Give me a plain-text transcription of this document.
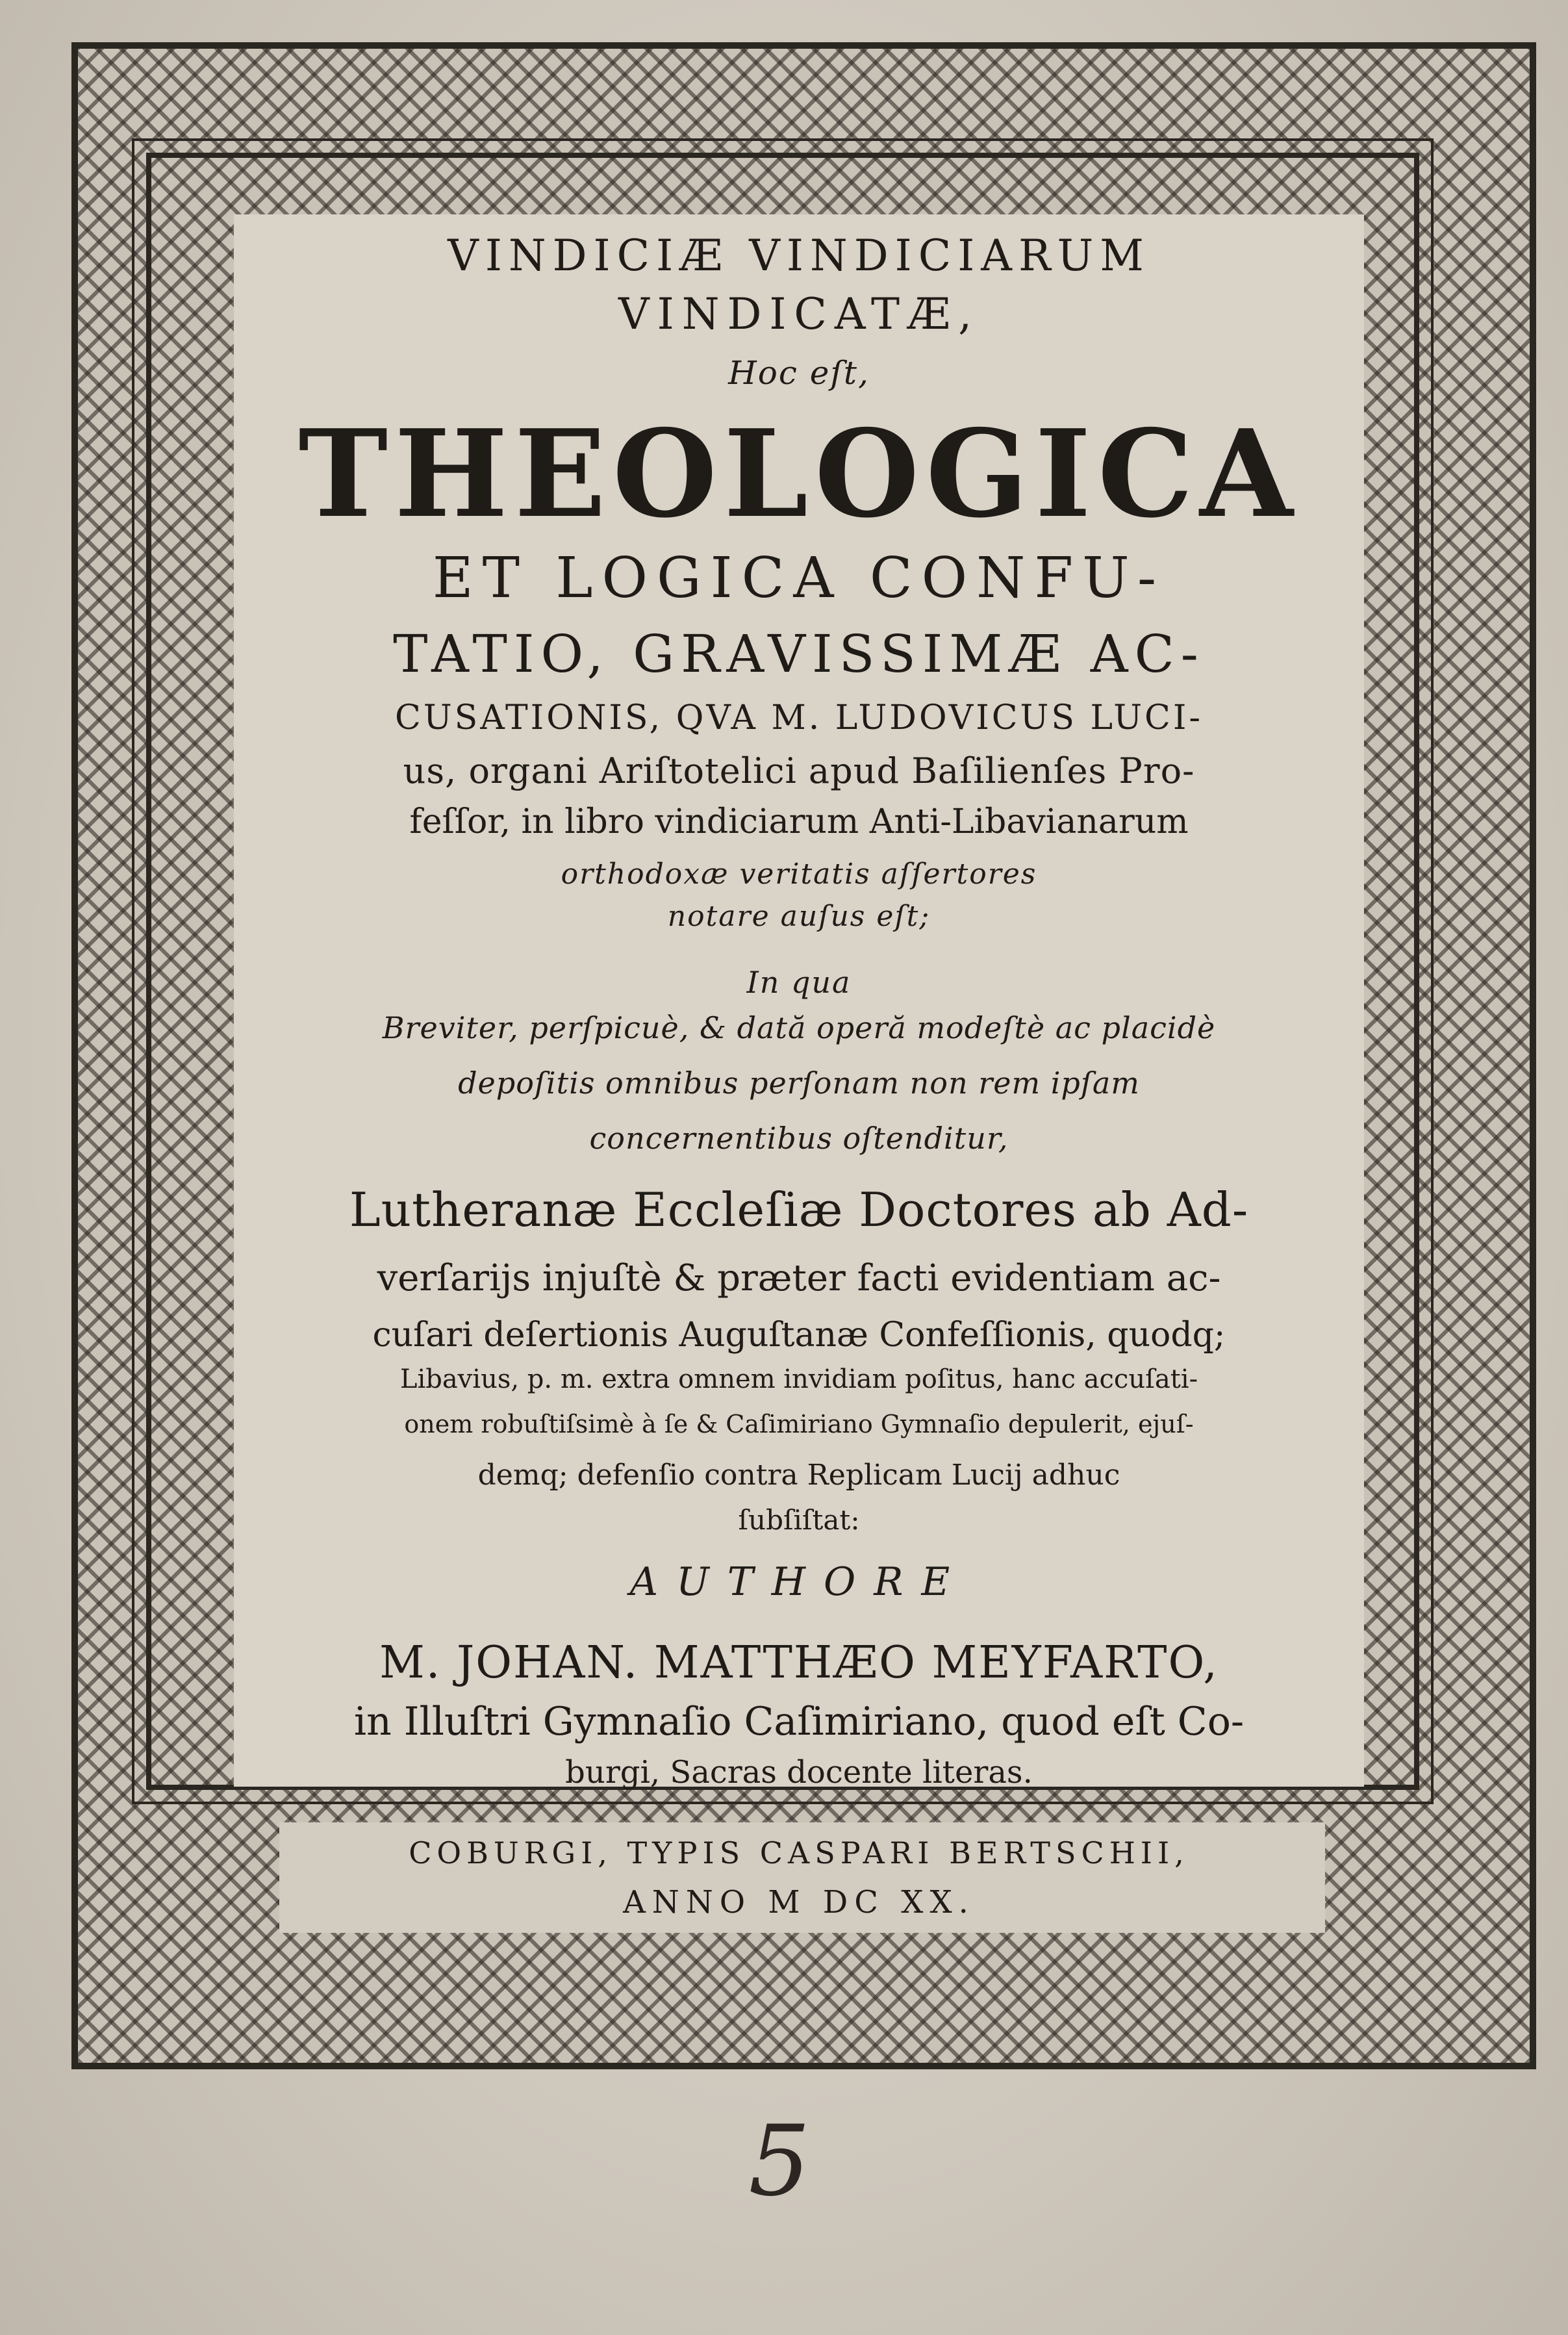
VINDICIÆ VINDICIARUM
VINDICATÆ,
Hoc eſt,
THEOLOGICA
ET LOGICA CONFU-
TATIO, GRAVISSIMÆ AC-
CUSATIONIS, QVA M. LUDOVICUS LUCI-
us, organi Ariſtotelici apud Baſilienſes Pro-
feſſor, in libro vindiciarum Anti-Libavianarum
orthodoxæ veritatis aſſertores
notare auſus eſt;
In qua
Breviter, perſpicuè, & dată operă modeſtè ac placidè
depoſitis omnibus perſonam non rem ipſam
concernentibus oſtenditur,
Lutheranæ Eccleſiæ Doctores ab Ad-
verſarijs injuſtè & præter facti evidentiam ac-
cuſari deſertionis Auguſtanæ Confeſſionis, quodq;
Libavius, p. m. extra omnem invidiam poſitus, hanc accuſati-
onem robuſtiſsimè à ſe & Caſimiriano Gymnaſio depulerit, ejuſ-
demq; defenſio contra Replicam Lucij adhuc
ſubſiſtat:
AUTHORE
M. JOHAN. MATTHÆO MEYFARTO,
in Illuſtri Gymnaſio Caſimiriano, quod eſt Co-
burgi, Sacras docente literas.
COBURGI, TYPIS CASPARI BERTSCHII,
ANNO M DC XX.
5
